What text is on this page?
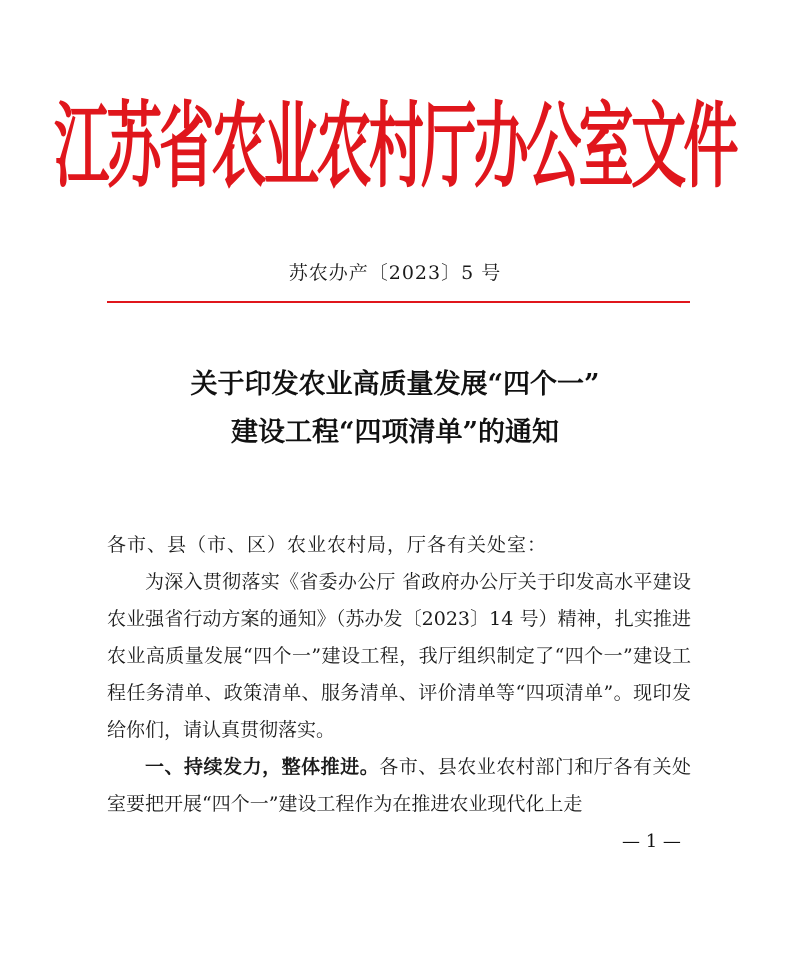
江苏省农业农村厅办公室文件
苏农办产〔2023〕5 号
关于印发农业高质量发展“四个一”
建设工程“四项清单”的通知

各市、县（市、区）农业农村局，厅各有关处室：

为深入贯彻落实《省委办公厅 省政府办公厅关于印发高水平建设农业强省行动方案的通知》（苏办发〔2023〕14 号）精神，扎实推进农业高质量发展“四个一”建设工程，我厅组织制定了“四个一”建设工程任务清单、政策清单、服务清单、评价清单等“四项清单”。现印发给你们，请认真贯彻落实。

一、持续发力，整体推进。各市、县农业农村部门和厅各有关处室要把开展“四个一”建设工程作为在推进农业现代化上走

— 1 —
